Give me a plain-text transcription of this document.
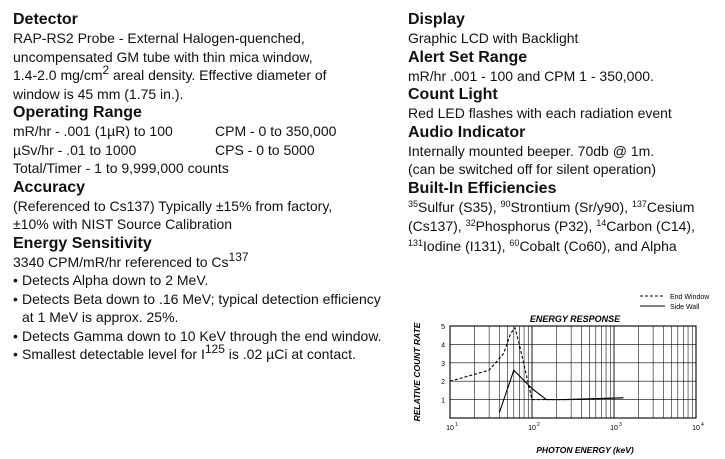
Detector

RAP-RS2 Probe - External Halogen-quenched,

uncompensated GM tube with thin mica window,

1.4-2.0 $mg/cm^2$ areal density. Effective diameter of

window is 45 mm (1.75 in.).

Operating Range

mR/hr - .001 (1µR) to 100	CPM - 0 to 350,000
µSv/hr - .01 to 1000	CPS - 0 to 5000

Total/Timer - 1 to 9,999,000 counts

Accuracy

(Referenced to Cs137) Typically ±15% from factory,

±10% with NIST Source Calibration

Energy Sensitivity

3340 CPM/mR/hr referenced to Cs$^{137}$

• Detects Alpha down to 2 MeV.
• Detects Beta down to .16 MeV; typical detection efficiency at 1 MeV is approx. 25%.
• Detects Gamma down to 10 KeV through the end window.
• Smallest detectable level for $I^{125}$ is .02 µCi at contact.

Display

Graphic LCD with Backlight

Alert Set Range

mR/hr .001 - 100 and CPM 1 - 350,000.

Count Light

Red LED flashes with each radiation event

Audio Indicator

Internally mounted beeper. 70db @ 1m.

(can be switched off for silent operation)

Built-In Efficiencies

$^{35}$Sulfur (S35), $^{90}$Strontium (Sr/y90), $^{137}$Cesium
(Cs137), $^{32}$Phosphorus (P32), $^{14}$Carbon (C14),
$^{131}$Iodine (I131), $^{60}$Cobalt (Co60), and Alpha
End Window
Side Wall
ENERGY RESPONSE
1
2
3
4
5
10 1	10 2	10 3	10 4
RELATIVE COUNT RATE
PHOTON ENERGY (keV)
